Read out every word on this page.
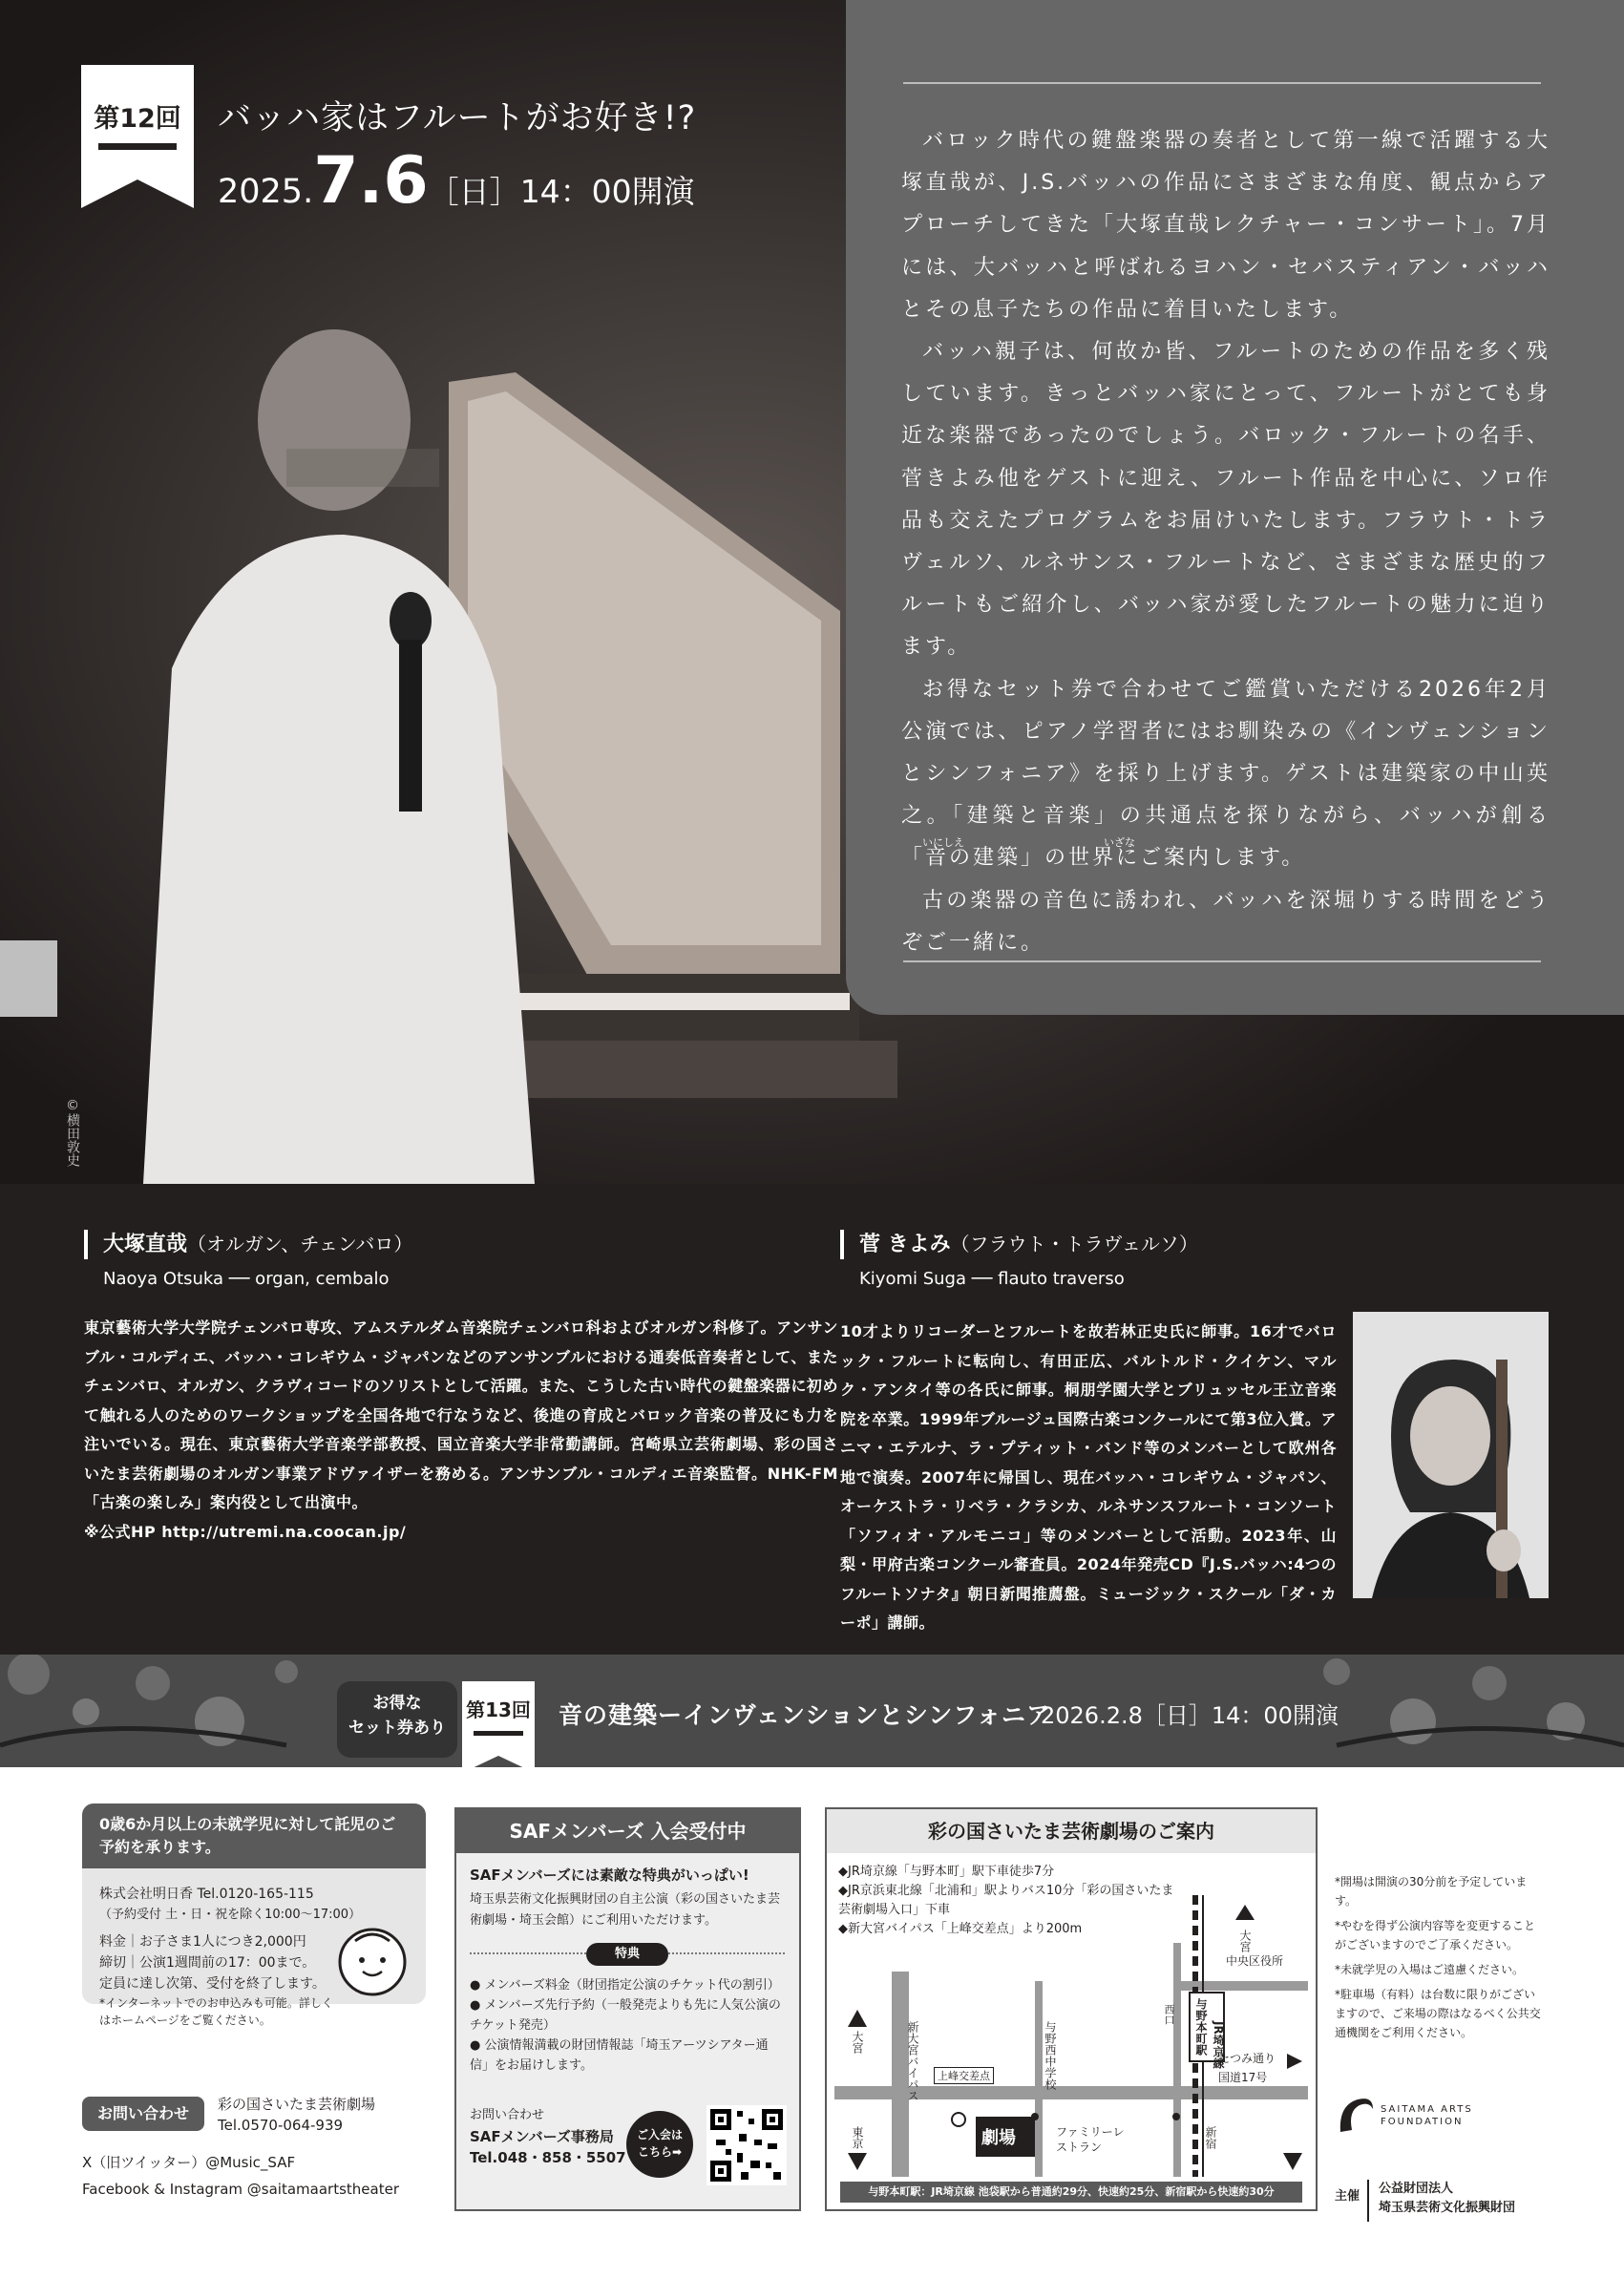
第12回	バッハ家はフルートがお好き!?
2025.7.6［日］14：00開演
©横田敦史

バロック時代の鍵盤楽器の奏者として第一線で活躍する大塚直哉が、J.S.バッハの作品にさまざまな角度、観点からアプローチしてきた「大塚直哉レクチャー・コンサート」。7月には、大バッハと呼ばれるヨハン・セバスティアン・バッハとその息子たちの作品に着目いたします。

バッハ親子は、何故か皆、フルートのための作品を多く残しています。きっとバッハ家にとって、フルートがとても身近な楽器であったのでしょう。バロック・フルートの名手、菅きよみ他をゲストに迎え、フルート作品を中心に、ソロ作品も交えたプログラムをお届けいたします。フラウト・トラヴェルソ、ルネサンス・フルートなど、さまざまな歴史的フルートもご紹介し、バッハ家が愛したフルートの魅力に迫ります。

お得なセット券で合わせてご鑑賞いただける2026年2月公演では、ピアノ学習者にはお馴染みの《インヴェンションとシンフォニア》を採り上げます。ゲストは建築家の中山英之。「建築と音楽」の共通点を探りながら、バッハが創る「音の建築」の世界にご案内します。

古の楽器の音色に誘われ、バッハを深堀りする時間をどうぞご一緒に。

いにしえ	いざな
大塚直哉（オルガン、チェンバロ）
Naoya Otsuka ── organ, cembalo
東京藝術大学大学院チェンバロ専攻、アムステルダム音楽院チェンバロ科およびオルガン科修了。アンサンブル・コルディエ、バッハ・コレギウム・ジャパンなどのアンサンブルにおける通奏低音奏者として、またチェンバロ、オルガン、クラヴィコードのソリストとして活躍。また、こうした古い時代の鍵盤楽器に初めて触れる人のためのワークショップを全国各地で行なうなど、後進の育成とバロック音楽の普及にも力を注いでいる。現在、東京藝術大学音楽学部教授、国立音楽大学非常勤講師。宮崎県立芸術劇場、彩の国さいたま芸術劇場のオルガン事業アドヴァイザーを務める。アンサンブル・コルディエ音楽監督。NHK-FM「古楽の楽しみ」案内役として出演中。
※公式HP http://utremi.na.coocan.jp/
菅 きよみ（フラウト・トラヴェルソ）
Kiyomi Suga ── flauto traverso
10才よりリコーダーとフルートを故若林正史氏に師事。16才でバロック・フルートに転向し、有田正広、バルトルド・クイケン、マルク・アンタイ等の各氏に師事。桐朋学園大学とブリュッセル王立音楽院を卒業。1999年ブルージュ国際古楽コンクールにて第3位入賞。アニマ・エテルナ、ラ・プティット・バンド等のメンバーとして欧州各地で演奏。2007年に帰国し、現在バッハ・コレギウム・ジャパン、オーケストラ・リベラ・クラシカ、ルネサンスフルート・コンソート「ソフィオ・アルモニコ」等のメンバーとして活動。2023年、山梨・甲府古楽コンクール審査員。2024年発売CD『J.S.バッハ:4つのフルートソナタ』朝日新聞推薦盤。ミュージック・スクール「ダ・カーポ」講師。
お得な
セット券あり
第13回 音の建築ーインヴェンションとシンフォニア
2026.2.8［日］14：00開演
0歳6か月以上の未就学児に対して託児のご予約を承ります。
株式会社明日香 Tel.0120-165-115
（予約受付 土・日・祝を除く10:00〜17:00）
料金｜お子さま1人につき2,000円
締切｜公演1週間前の17：00まで。
定員に達し次第、受付を終了します。
*インターネットでのお申込みも可能。詳しくはホームページをご覧ください。
お問い合わせ	彩の国さいたま芸術劇場
Tel.0570-064-939
X（旧ツイッター）@Music_SAF
Facebook & Instagram @saitamaartstheater
SAFメンバーズ 入会受付中
SAFメンバーズには素敵な特典がいっぱい!
埼玉県芸術文化振興財団の自主公演（彩の国さいたま芸術劇場・埼玉会館）にご利用いただけます。
特典
● メンバーズ料金（財団指定公演のチケット代の割引）
● メンバーズ先行予約（一般発売よりも先に人気公演のチケット発売）
● 公演情報満載の財団情報誌「埼玉アーツシアター通信」をお届けします。
お問い合わせ
SAFメンバーズ事務局
Tel.048・858・5507
ご入会は
こちら➡
彩の国さいたま芸術劇場のご案内
◆JR埼京線「与野本町」駅下車徒歩7分
◆JR京浜東北線「北浦和」駅よりバス10分「彩の国さいたま芸術劇場入口」下車
◆新大宮バイパス「上峰交差点」より200m
大宮
中央区役所
JR埼京線
与野本町駅
西口
大宮	新大宮バイパス	与野西中学校
上峰交差点
たつみ通り
国道17号
東京	劇場	ファミリーレストラン	新宿
与野本町駅：JR埼京線 池袋駅から普通約29分、快速約25分、新宿駅から快速約30分
*開場は開演の30分前を予定しています。
*やむを得ず公演内容等を変更することがございますのでご了承ください。
*未就学児の入場はご遠慮ください。
*駐車場（有料）は台数に限りがございますので、ご来場の際はなるべく公共交通機関をご利用ください。
SAITAMA ARTS FOUNDATION
主催
公益財団法人
埼玉県芸術文化振興財団
